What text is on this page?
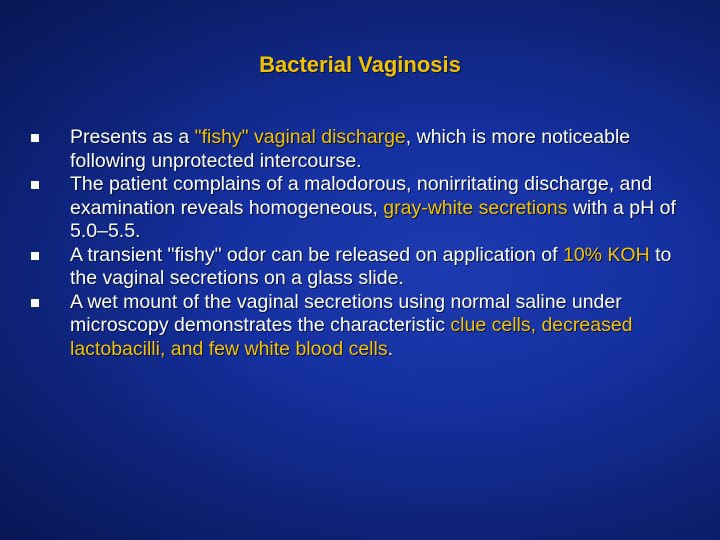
Bacterial Vaginosis
Presents as a "fishy" vaginal discharge, which is more noticeable following unprotected intercourse.
The patient complains of a malodorous, nonirritating discharge, and examination reveals homogeneous, gray-white secretions with a pH of 5.0–5.5.
A transient "fishy" odor can be released on application of 10% KOH to the vaginal secretions on a glass slide.
A wet mount of the vaginal secretions using normal saline under microscopy demonstrates the characteristic clue cells, decreased lactobacilli, and few white blood cells.
